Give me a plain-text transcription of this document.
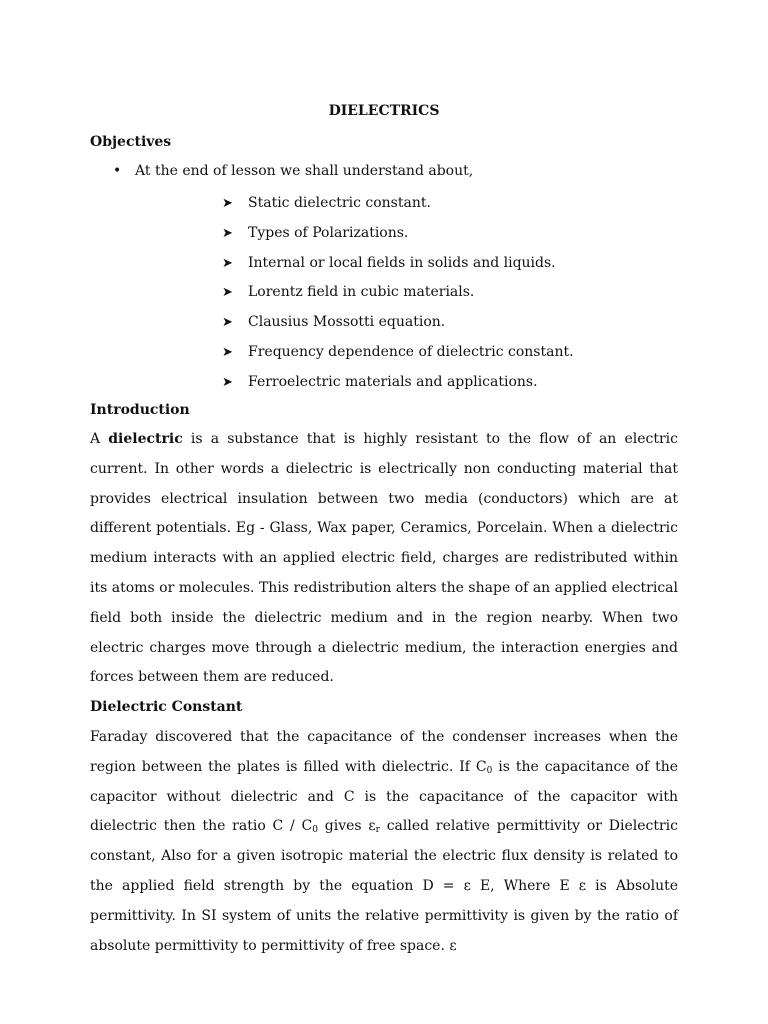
DIELECTRICS
Objectives
• At the end of lesson we shall understand about,
➤ Static dielectric constant.
➤ Types of Polarizations.
➤ Internal or local fields in solids and liquids.
➤ Lorentz field in cubic materials.
➤ Clausius Mossotti equation.
➤ Frequency dependence of dielectric constant.
➤ Ferroelectric materials and applications.
Introduction

A dielectric is a substance that is highly resistant to the flow of an electric current. In other words a dielectric is electrically non conducting material that provides electrical insulation between two media (conductors) which are at different potentials. Eg - Glass, Wax paper, Ceramics, Porcelain. When a dielectric medium interacts with an applied electric field, charges are redistributed within its atoms or molecules. This redistribution alters the shape of an applied electrical field both inside the dielectric medium and in the region nearby. When two electric charges move through a dielectric medium, the interaction energies and forces between them are reduced.

Dielectric Constant

Faraday discovered that the capacitance of the condenser increases when the region between the plates is filled with dielectric. If $C_0$ is the capacitance of the capacitor without dielectric and C is the capacitance of the capacitor with dielectric then the ratio C / $C_0$ gives $\varepsilon_r$ called relative permittivity or Dielectric constant, Also for a given isotropic material the electric flux density is related to the applied field strength by the equation D = ε E, Where E ε is Absolute permittivity. In SI system of units the relative permittivity is given by the ratio of absolute permittivity to permittivity of free space. ε
